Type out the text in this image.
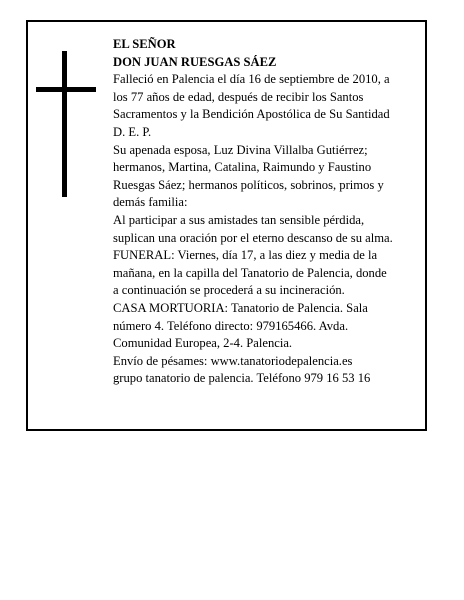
EL SEÑOR

DON JUAN RUESGAS SÁEZ

Falleció en Palencia el día 16 de septiembre de 2010, a
los 77 años de edad, después de recibir los Santos
Sacramentos y la Bendición Apostólica de Su Santidad
D. E. P.

Su apenada esposa, Luz Divina Villalba Gutiérrez;
hermanos, Martina, Catalina, Raimundo y Faustino
Ruesgas Sáez; hermanos políticos, sobrinos, primos y
demás familia:

Al participar a sus amistades tan sensible pérdida,
suplican una oración por el eterno descanso de su alma.

FUNERAL: Viernes, día 17, a las diez y media de la
mañana, en la capilla del Tanatorio de Palencia, donde
a continuación se procederá a su incineración.

CASA MORTUORIA: Tanatorio de Palencia. Sala
número 4. Teléfono directo: 979165466. Avda.
Comunidad Europea, 2-4. Palencia.

Envío de pésames: www.tanatoriodepalencia.es
grupo tanatorio de palencia. Teléfono 979 16 53 16
